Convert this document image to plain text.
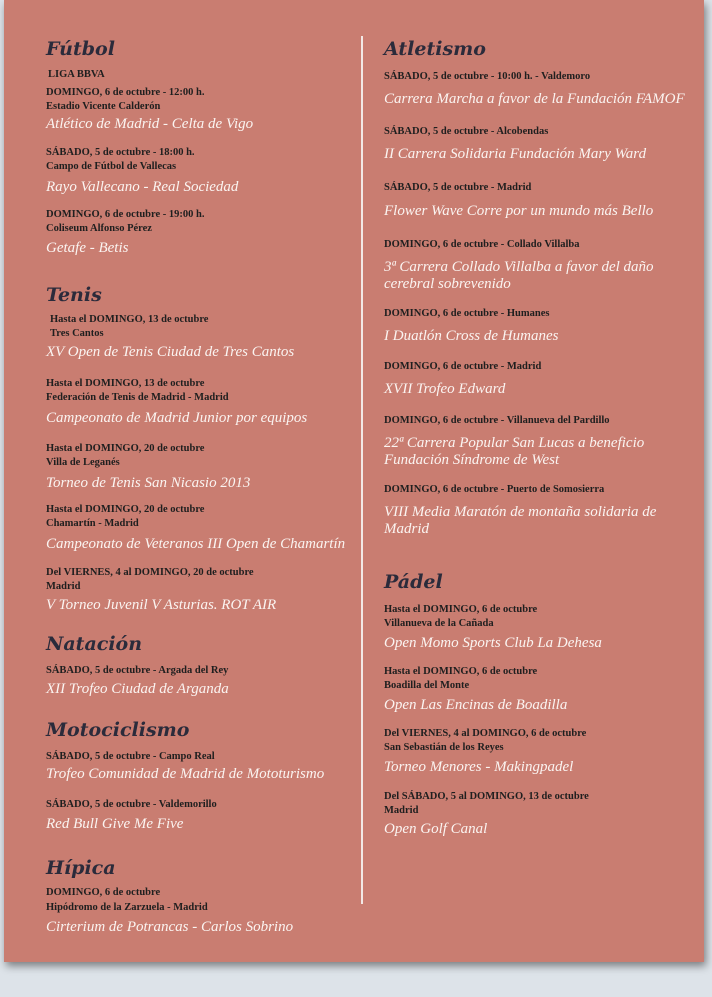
Fútbol
LIGA BBVA
DOMINGO, 6 de octubre - 12:00 h.
Estadio Vicente Calderón
Atlético de Madrid - Celta de Vigo
SÁBADO, 5 de octubre - 18:00 h.
Campo de Fútbol de Vallecas
Rayo Vallecano - Real Sociedad
DOMINGO, 6 de octubre - 19:00 h.
Coliseum Alfonso Pérez
Getafe - Betis
Tenis
Hasta el DOMINGO, 13 de octubre
Tres Cantos
XV Open de Tenis Ciudad de Tres Cantos
Hasta el DOMINGO, 13 de octubre
Federación de Tenis de Madrid - Madrid
Campeonato de Madrid Junior por equipos
Hasta el DOMINGO, 20 de octubre
Villa de Leganés
Torneo de Tenis San Nicasio 2013
Hasta el DOMINGO, 20 de octubre
Chamartín - Madrid
Campeonato de Veteranos III Open de Chamartín
Del VIERNES, 4 al DOMINGO, 20 de octubre
Madrid
V Torneo Juvenil V Asturias. ROT AIR
Natación
SÁBADO, 5 de octubre - Argada del Rey
XII Trofeo Ciudad de Arganda
Motociclismo
SÁBADO, 5 de octubre - Campo Real
Trofeo Comunidad de Madrid de Mototurismo
SÁBADO, 5 de octubre - Valdemorillo
Red Bull Give Me Five
Hípica
DOMINGO, 6 de octubre
Hipódromo de la Zarzuela - Madrid
Cirterium de Potrancas - Carlos Sobrino
Atletismo
SÁBADO, 5 de octubre - 10:00 h. - Valdemoro
Carrera Marcha a favor de la Fundación FAMOF
SÁBADO, 5 de octubre - Alcobendas
II Carrera Solidaria Fundación Mary Ward
SÁBADO, 5 de octubre - Madrid
Flower Wave Corre por un mundo más Bello
DOMINGO, 6 de octubre - Collado Villalba
3ª Carrera Collado Villalba a favor del daño cerebral sobrevenido
DOMINGO, 6 de octubre - Humanes
I Duatlón Cross de Humanes
DOMINGO, 6 de octubre - Madrid
XVII Trofeo Edward
DOMINGO, 6 de octubre - Villanueva del Pardillo
22ª Carrera Popular San Lucas a beneficio Fundación Síndrome de West
DOMINGO, 6 de octubre - Puerto de Somosierra
VIII Media Maratón de montaña solidaria de Madrid
Pádel
Hasta el DOMINGO, 6 de octubre
Villanueva de la Cañada
Open Momo Sports Club La Dehesa
Hasta el DOMINGO, 6 de octubre
Boadilla del Monte
Open Las Encinas de Boadilla
Del VIERNES, 4 al DOMINGO, 6 de octubre
San Sebastián de los Reyes
Torneo Menores - Makingpadel
Del SÁBADO, 5 al DOMINGO, 13 de octubre
Madrid
Open Golf Canal
